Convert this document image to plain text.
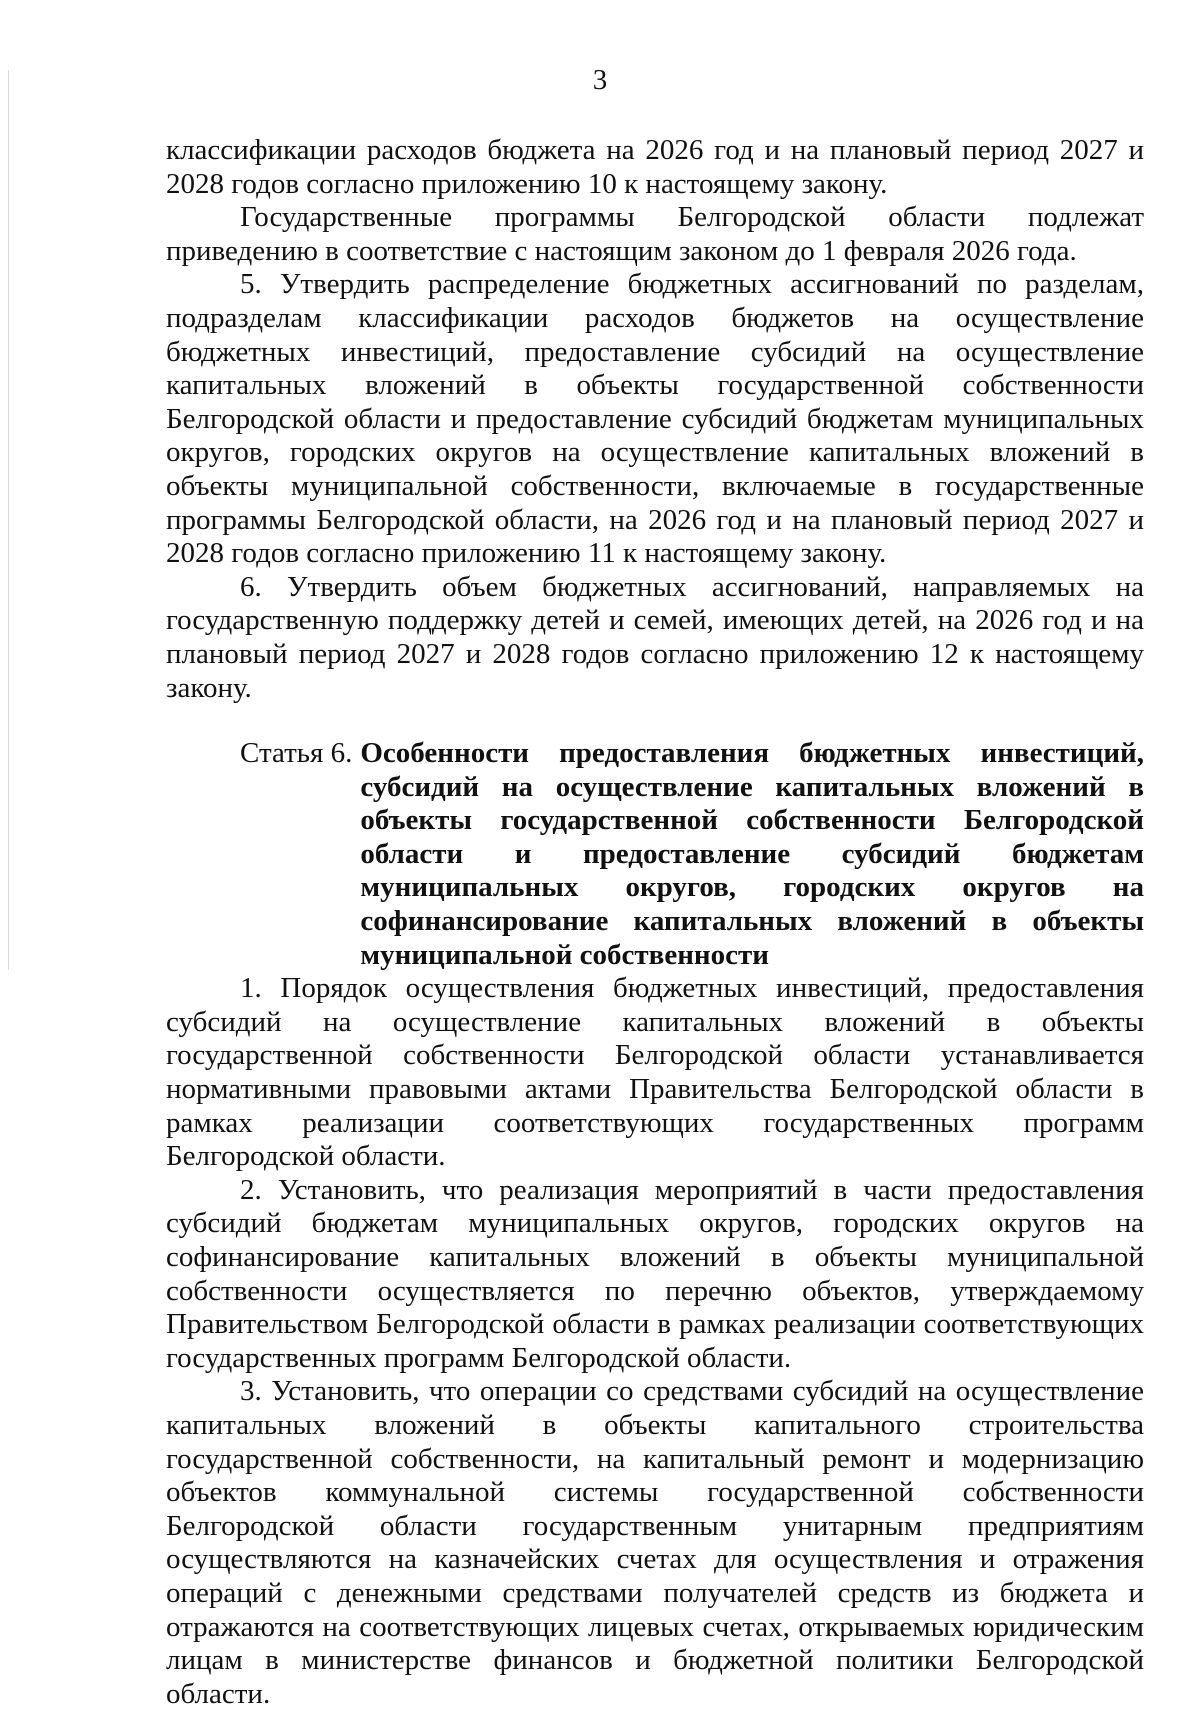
3

классификации расходов бюджета на 2026 год и на плановый период 2027 и 2028 годов согласно приложению 10 к настоящему закону.

Государственные программы Белгородской области подлежат приведению в соответствие с настоящим законом до 1 февраля 2026 года.

5. Утвердить распределение бюджетных ассигнований по разделам, подразделам классификации расходов бюджетов на осуществление бюджетных инвестиций, предоставление субсидий на осуществление капитальных вложений в объекты государственной собственности Белгородской области и предоставление субсидий бюджетам муниципальных округов, городских округов на осуществление капитальных вложений в объекты муниципальной собственности, включаемые в государственные программы Белгородской области, на 2026 год и на плановый период 2027 и 2028 годов согласно приложению 11 к настоящему закону.

6. Утвердить объем бюджетных ассигнований, направляемых на государственную поддержку детей и семей, имеющих детей, на 2026 год и на плановый период 2027 и 2028 годов согласно приложению 12 к настоящему закону.

Статья 6. Особенности предоставления бюджетных инвестиций, субсидий на осуществление капитальных вложений в объекты государственной собственности Белгородской области и предоставление субсидий бюджетам муниципальных округов, городских округов на софинансирование капитальных вложений в объекты муниципальной собственности

1. Порядок осуществления бюджетных инвестиций, предоставления субсидий на осуществление капитальных вложений в объекты государственной собственности Белгородской области устанавливается нормативными правовыми актами Правительства Белгородской области в рамках реализации соответствующих государственных программ Белгородской области.

2. Установить, что реализация мероприятий в части предоставления субсидий бюджетам муниципальных округов, городских округов на софинансирование капитальных вложений в объекты муниципальной собственности осуществляется по перечню объектов, утверждаемому Правительством Белгородской области в рамках реализации соответствующих государственных программ Белгородской области.

3. Установить, что операции со средствами субсидий на осуществление капитальных вложений в объекты капитального строительства государственной собственности, на капитальный ремонт и модернизацию объектов коммунальной системы государственной собственности Белгородской области государственным унитарным предприятиям осуществляются на казначейских счетах для осуществления и отражения операций с денежными средствами получателей средств из бюджета и отражаются на соответствующих лицевых счетах, открываемых юридическим лицам в министерстве финансов и бюджетной политики Белгородской области.
